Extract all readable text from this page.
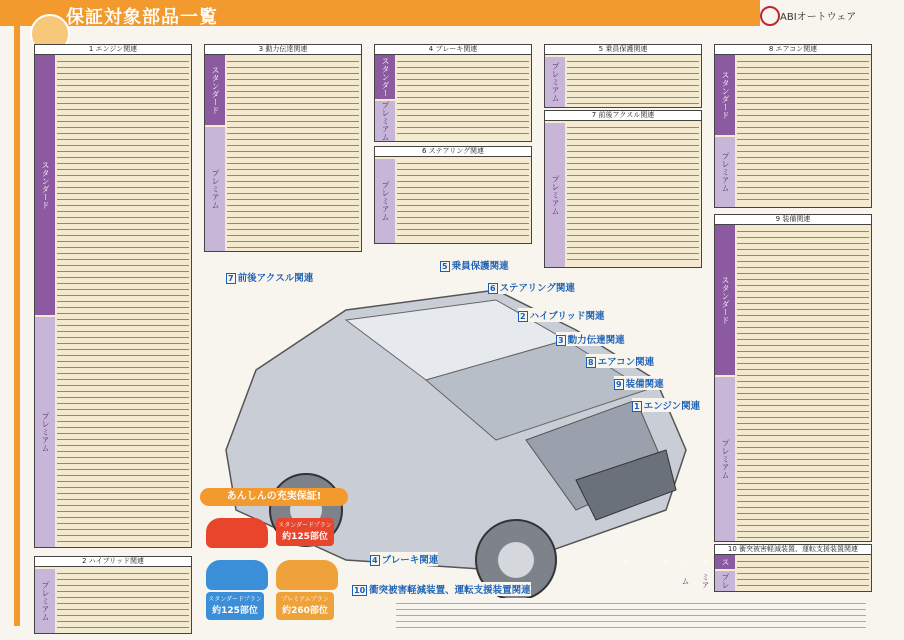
保証対象部品一覧	ABIオートウェア
1 エンジン関連
スタンダード
プレミアム
3 動力伝達関連
スタンダード
プレミアム
4 ブレーキ関連
スタンダード
プレミアム
6 ステアリング関連
プレミアム
5 乗員保護関連
プレミアム
7 前後アクスル関連
プレミアム
8 エアコン関連
スタンダード
プレミアム
9 装備関連
スタンダード
プレミアム
2 ハイブリッド関連
プレミアム
10 衝突被害軽減装置、運転支援装置関連
スタンダード
プレミアム
7 前後アクスル関連
5 乗員保護関連
6 ステアリング関連
2 ハイブリッド関連
3 動力伝達関連
8 エアコン関連
9 装備関連
1 エンジン関連
4 ブレーキ関連
10 衝突被害軽減装置、運転支援装置関連
あんしんの充実保証!
スタンダードプラン
約125部位
スタンダードプラン
約125部位
プレミアムプラン
約260部位
